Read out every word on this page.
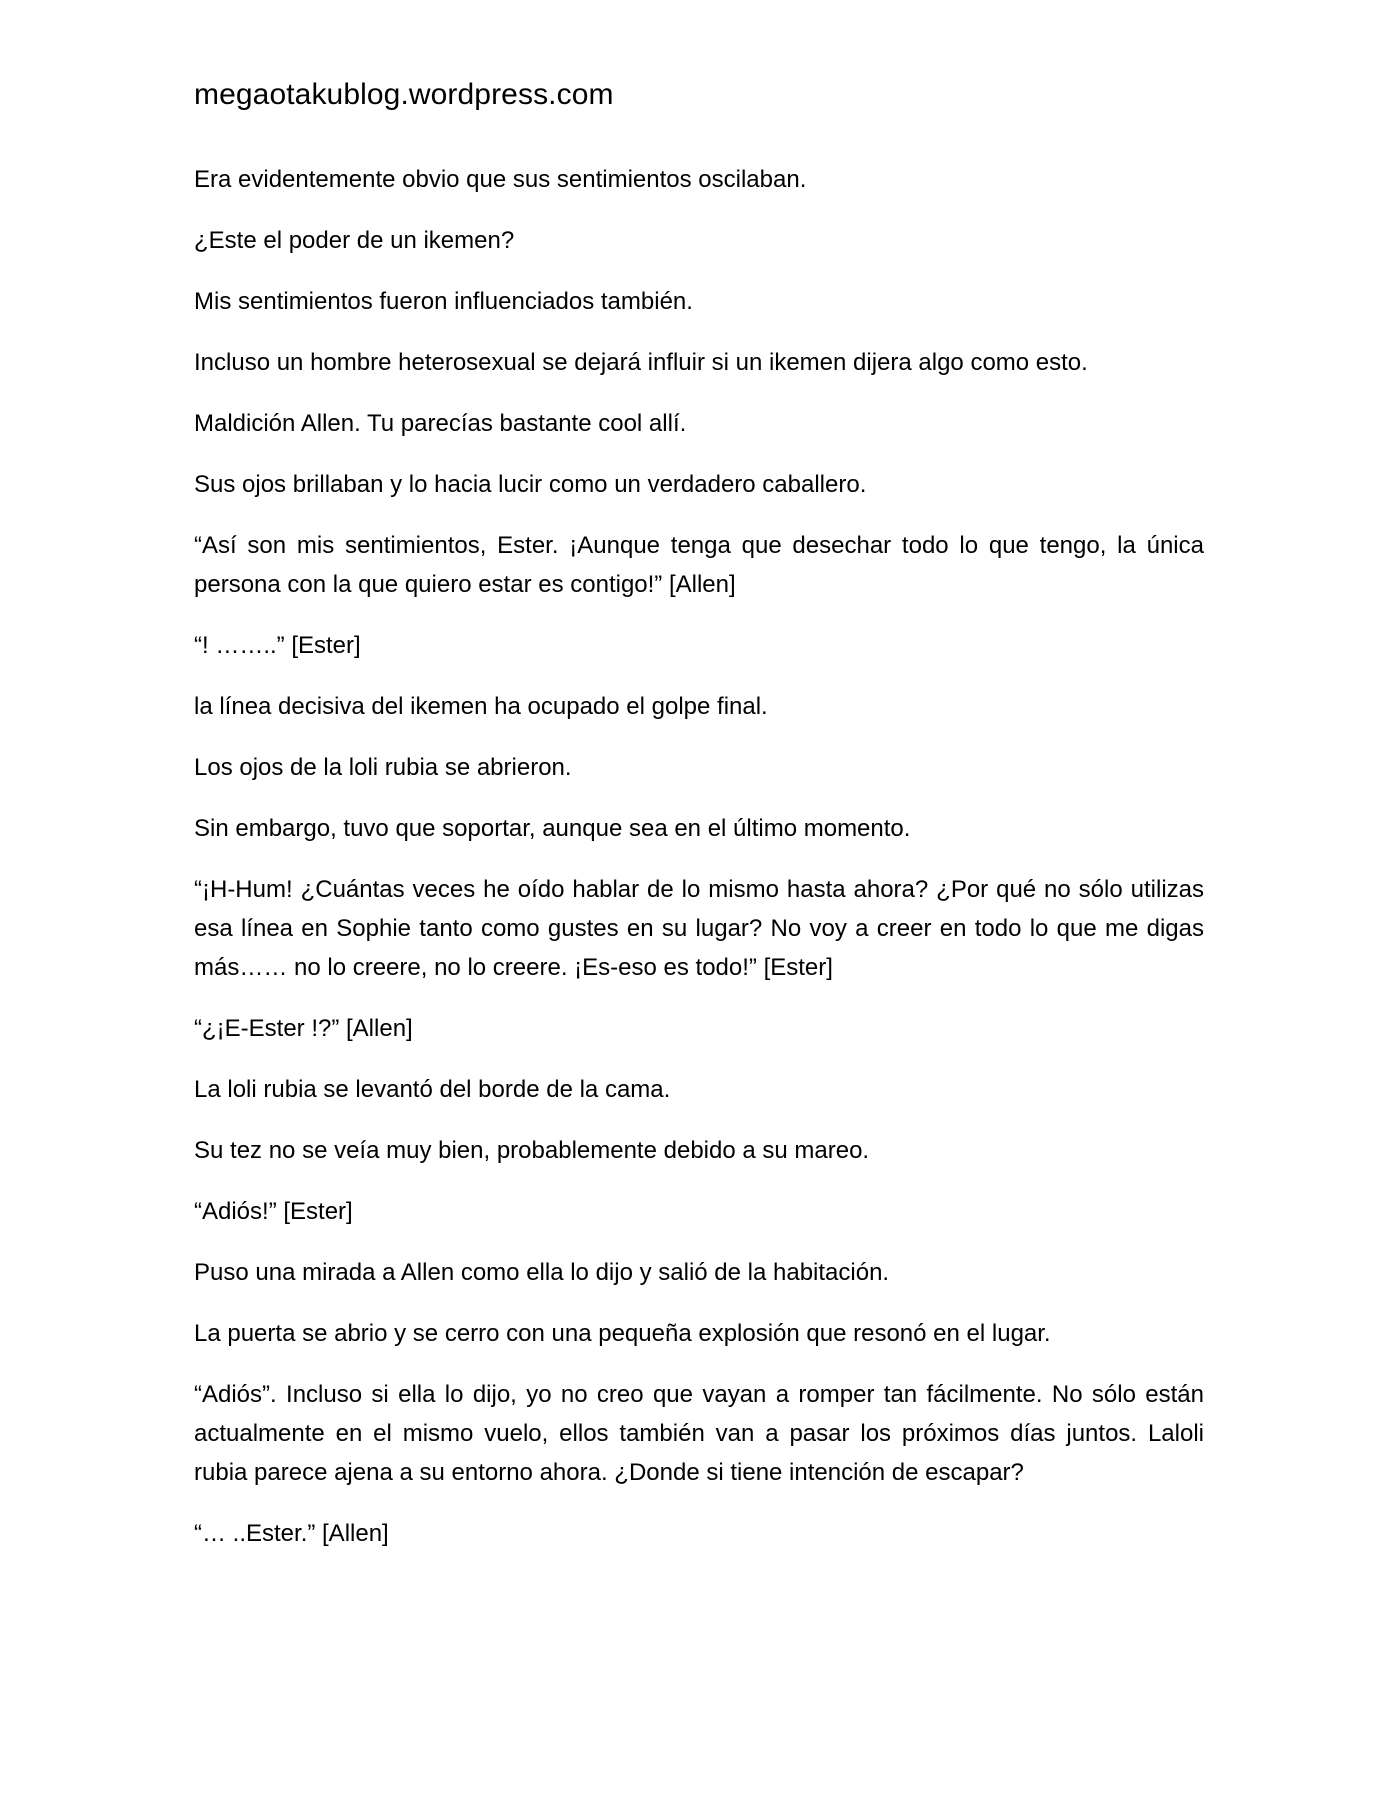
megaotakublog.wordpress.com

Era evidentemente obvio que sus sentimientos oscilaban.

¿Este el poder de un ikemen?

Mis sentimientos fueron influenciados también.

Incluso un hombre heterosexual se dejará influir si un ikemen dijera algo como esto.

Maldición Allen. Tu parecías bastante cool allí.

Sus ojos brillaban y lo hacia lucir como un verdadero caballero.

“Así son mis sentimientos, Ester. ¡Aunque tenga que desechar todo lo que tengo, la única persona con la que quiero estar es contigo!” [Allen]

“! ……..” [Ester]

la línea decisiva del ikemen ha ocupado el golpe final.

Los ojos de la loli rubia se abrieron.

Sin embargo, tuvo que soportar, aunque sea en el último momento.

“¡H-Hum! ¿Cuántas veces he oído hablar de lo mismo hasta ahora? ¿Por qué no sólo utilizas esa línea en Sophie tanto como gustes en su lugar? No voy a creer en todo lo que me digas más…… no lo creere, no lo creere. ¡Es-eso es todo!” [Ester]

“¿¡E-Ester !?” [Allen]

La loli rubia se levantó del borde de la cama.

Su tez no se veía muy bien, probablemente debido a su mareo.

“Adiós!” [Ester]

Puso una mirada a Allen como ella lo dijo y salió de la habitación.

La puerta se abrio y se cerro con una pequeña explosión que resonó en el lugar.

“Adiós”. Incluso si ella lo dijo, yo no creo que vayan a romper tan fácilmente. No sólo están actualmente en el mismo vuelo, ellos también van a pasar los próximos días juntos. Laloli rubia parece ajena a su entorno ahora. ¿Donde si tiene intención de escapar?

“… ..Ester.” [Allen]
